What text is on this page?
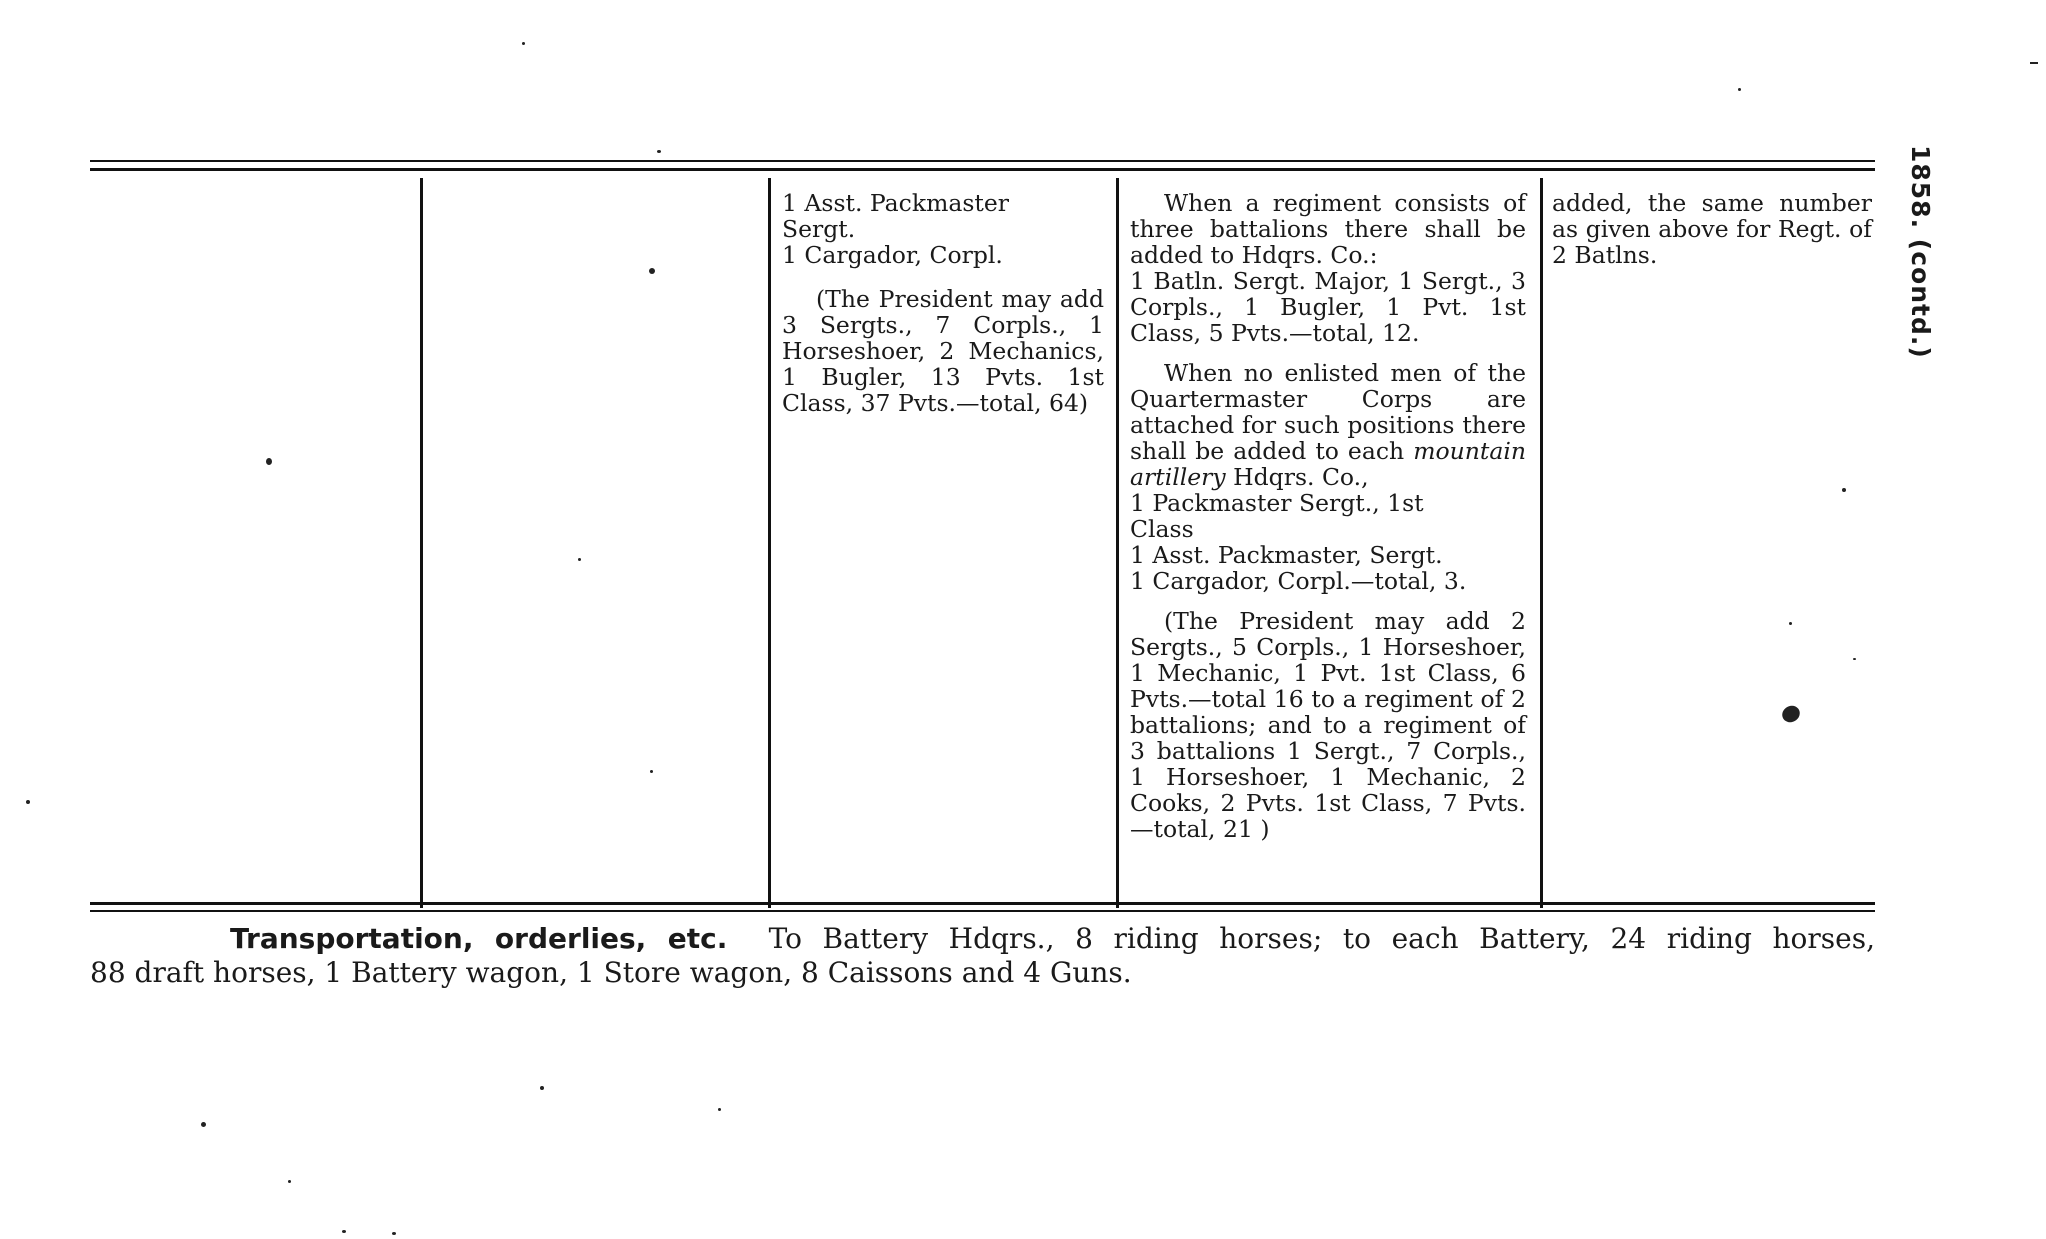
1 Asst. Packmaster
Sergt.

1 Cargador, Corpl.

(The President may add 3 Sergts., 7 Corpls., 1 Horseshoer, 2 Mechanics, 1 Bugler, 13 Pvts. 1st Class, 37 Pvts.—total, 64)

When a regiment consists of three battalions there shall be added to Hdqrs. Co.:

1 Batln. Sergt. Major, 1 Sergt., 3 Corpls., 1 Bugler, 1 Pvt. 1st Class, 5 Pvts.—total, 12.

When no enlisted men of the Quartermaster Corps are attached for such positions there shall be added to each mountain artillery Hdqrs. Co.,

1 Packmaster Sergt., 1st
Class

1 Asst. Packmaster, Sergt.

1 Cargador, Corpl.—total, 3.

(The President may add 2 Sergts., 5 Corpls., 1 Horseshoer, 1 Mechanic, 1 Pvt. 1st Class, 6 Pvts.—total 16 to a regiment of 2 battalions; and to a regiment of 3 battalions 1 Sergt., 7 Corpls., 1 Horseshoer, 1 Mechanic, 2 Cooks, 2 Pvts. 1st Class, 7 Pvts.—total, 21 )

added, the same number as given above for Regt. of 2 Batlns.	1858. (contd.)
Transportation, orderlies, etc. To Battery Hdqrs., 8 riding horses; to each Battery, 24 riding horses,
88 draft horses, 1 Battery wagon, 1 Store wagon, 8 Caissons and 4 Guns.
